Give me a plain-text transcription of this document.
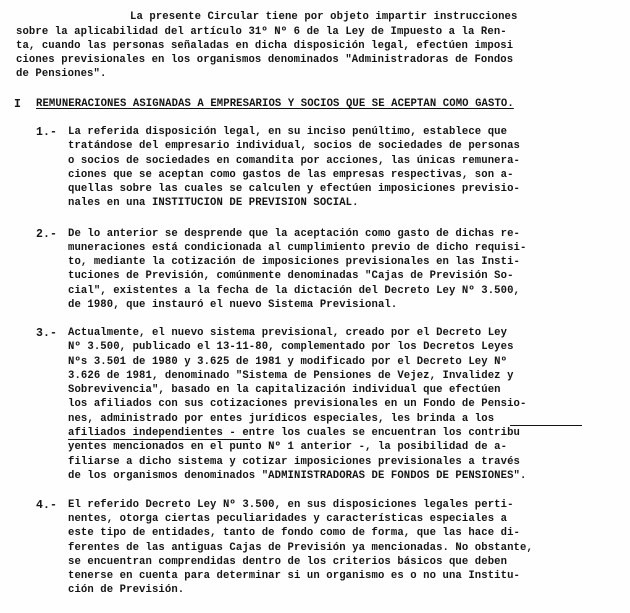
La presente Circular tiene por objeto impartir instrucciones
sobre la aplicabilidad del artículo 31º Nº 6 de la Ley de Impuesto a la Ren-
ta, cuando las personas señaladas en dicha disposición legal, efectúen imposi
ciones previsionales en los organismos denominados "Administradoras de Fondos
de Pensiones".
I REMUNERACIONES ASIGNADAS A EMPRESARIOS Y SOCIOS QUE SE ACEPTAN COMO GASTO.
1.- La referida disposición legal, en su inciso penúltimo, establece que
tratándose del empresario individual, socios de sociedades de personas
o socios de sociedades en comandita por acciones, las únicas remunera-
ciones que se aceptan como gastos de las empresas respectivas, son a-
quellas sobre las cuales se calculen y efectúen imposiciones previsio-
nales en una INSTITUCION DE PREVISION SOCIAL.
2.- De lo anterior se desprende que la aceptación como gasto de dichas re-
muneraciones está condicionada al cumplimiento previo de dicho requisi-
to, mediante la cotización de imposiciones previsionales en las Insti-
tuciones de Previsión, comúnmente denominadas "Cajas de Previsión So-
cial", existentes a la fecha de la dictación del Decreto Ley Nº 3.500,
de 1980, que instauró el nuevo Sistema Previsional.
3.- Actualmente, el nuevo sistema previsional, creado por el Decreto Ley
Nº 3.500, publicado el 13-11-80, complementado por los Decretos Leyes
Nºs 3.501 de 1980 y 3.625 de 1981 y modificado por el Decreto Ley Nº
3.626 de 1981, denominado "Sistema de Pensiones de Vejez, Invalidez y
Sobrevivencia", basado en la capitalización individual que efectúen
los afiliados con sus cotizaciones previsionales en un Fondo de Pensio-
nes, administrado por entes jurídicos especiales, les brinda a los
afiliados independientes - entre los cuales se encuentran los contribu
yentes mencionados en el punto Nº 1 anterior -, la posibilidad de a-
filiarse a dicho sistema y cotizar imposiciones previsionales a través
de los organismos denominados "ADMINISTRADORAS DE FONDOS DE PENSIONES".
4.- El referido Decreto Ley Nº 3.500, en sus disposiciones legales perti-
nentes, otorga ciertas peculiaridades y características especiales a
este tipo de entidades, tanto de fondo como de forma, que las hace di-
ferentes de las antiguas Cajas de Previsión ya mencionadas. No obstante,
se encuentran comprendidas dentro de los criterios básicos que deben
tenerse en cuenta para determinar si un organismo es o no una Institu-
ción de Previsión.
